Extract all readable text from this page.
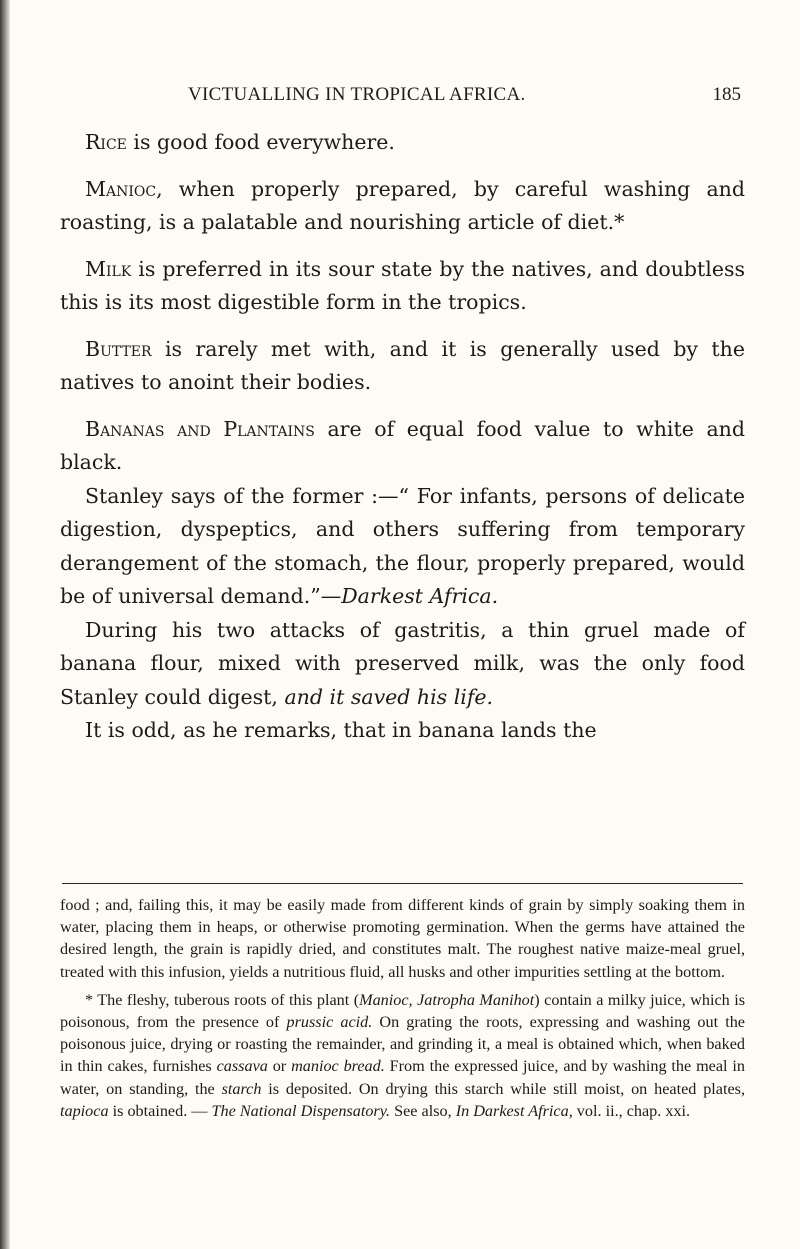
VICTUALLING IN TROPICAL AFRICA.	185

Rice is good food everywhere.

Manioc, when properly prepared, by careful washing and roasting, is a palatable and nourishing article of diet.*

Milk is preferred in its sour state by the natives, and doubtless this is its most digestible form in the tropics.

Butter is rarely met with, and it is generally used by the natives to anoint their bodies.

Bananas and Plantains are of equal food value to white and black.

Stanley says of the former :—“ For infants, persons of delicate digestion, dyspeptics, and others suffering from temporary derangement of the stomach, the flour, properly prepared, would be of universal demand.”—Darkest Africa.

During his two attacks of gastritis, a thin gruel made of banana flour, mixed with preserved milk, was the only food Stanley could digest, and it saved his life.

It is odd, as he remarks, that in banana lands the

food ; and, failing this, it may be easily made from different kinds of grain by simply soaking them in water, placing them in heaps, or otherwise promoting germination. When the germs have attained the desired length, the grain is rapidly dried, and constitutes malt. The roughest native maize-meal gruel, treated with this infusion, yields a nutritious fluid, all husks and other impurities settling at the bottom.

* The fleshy, tuberous roots of this plant (Manioc, Jatropha Manihot) contain a milky juice, which is poisonous, from the presence of prussic acid. On grating the roots, expressing and washing out the poisonous juice, drying or roasting the remainder, and grinding it, a meal is obtained which, when baked in thin cakes, furnishes cassava or manioc bread. From the expressed juice, and by washing the meal in water, on standing, the starch is deposited. On drying this starch while still moist, on heated plates, tapioca is obtained. — The National Dispensatory. See also, In Darkest Africa, vol. ii., chap. xxi.
